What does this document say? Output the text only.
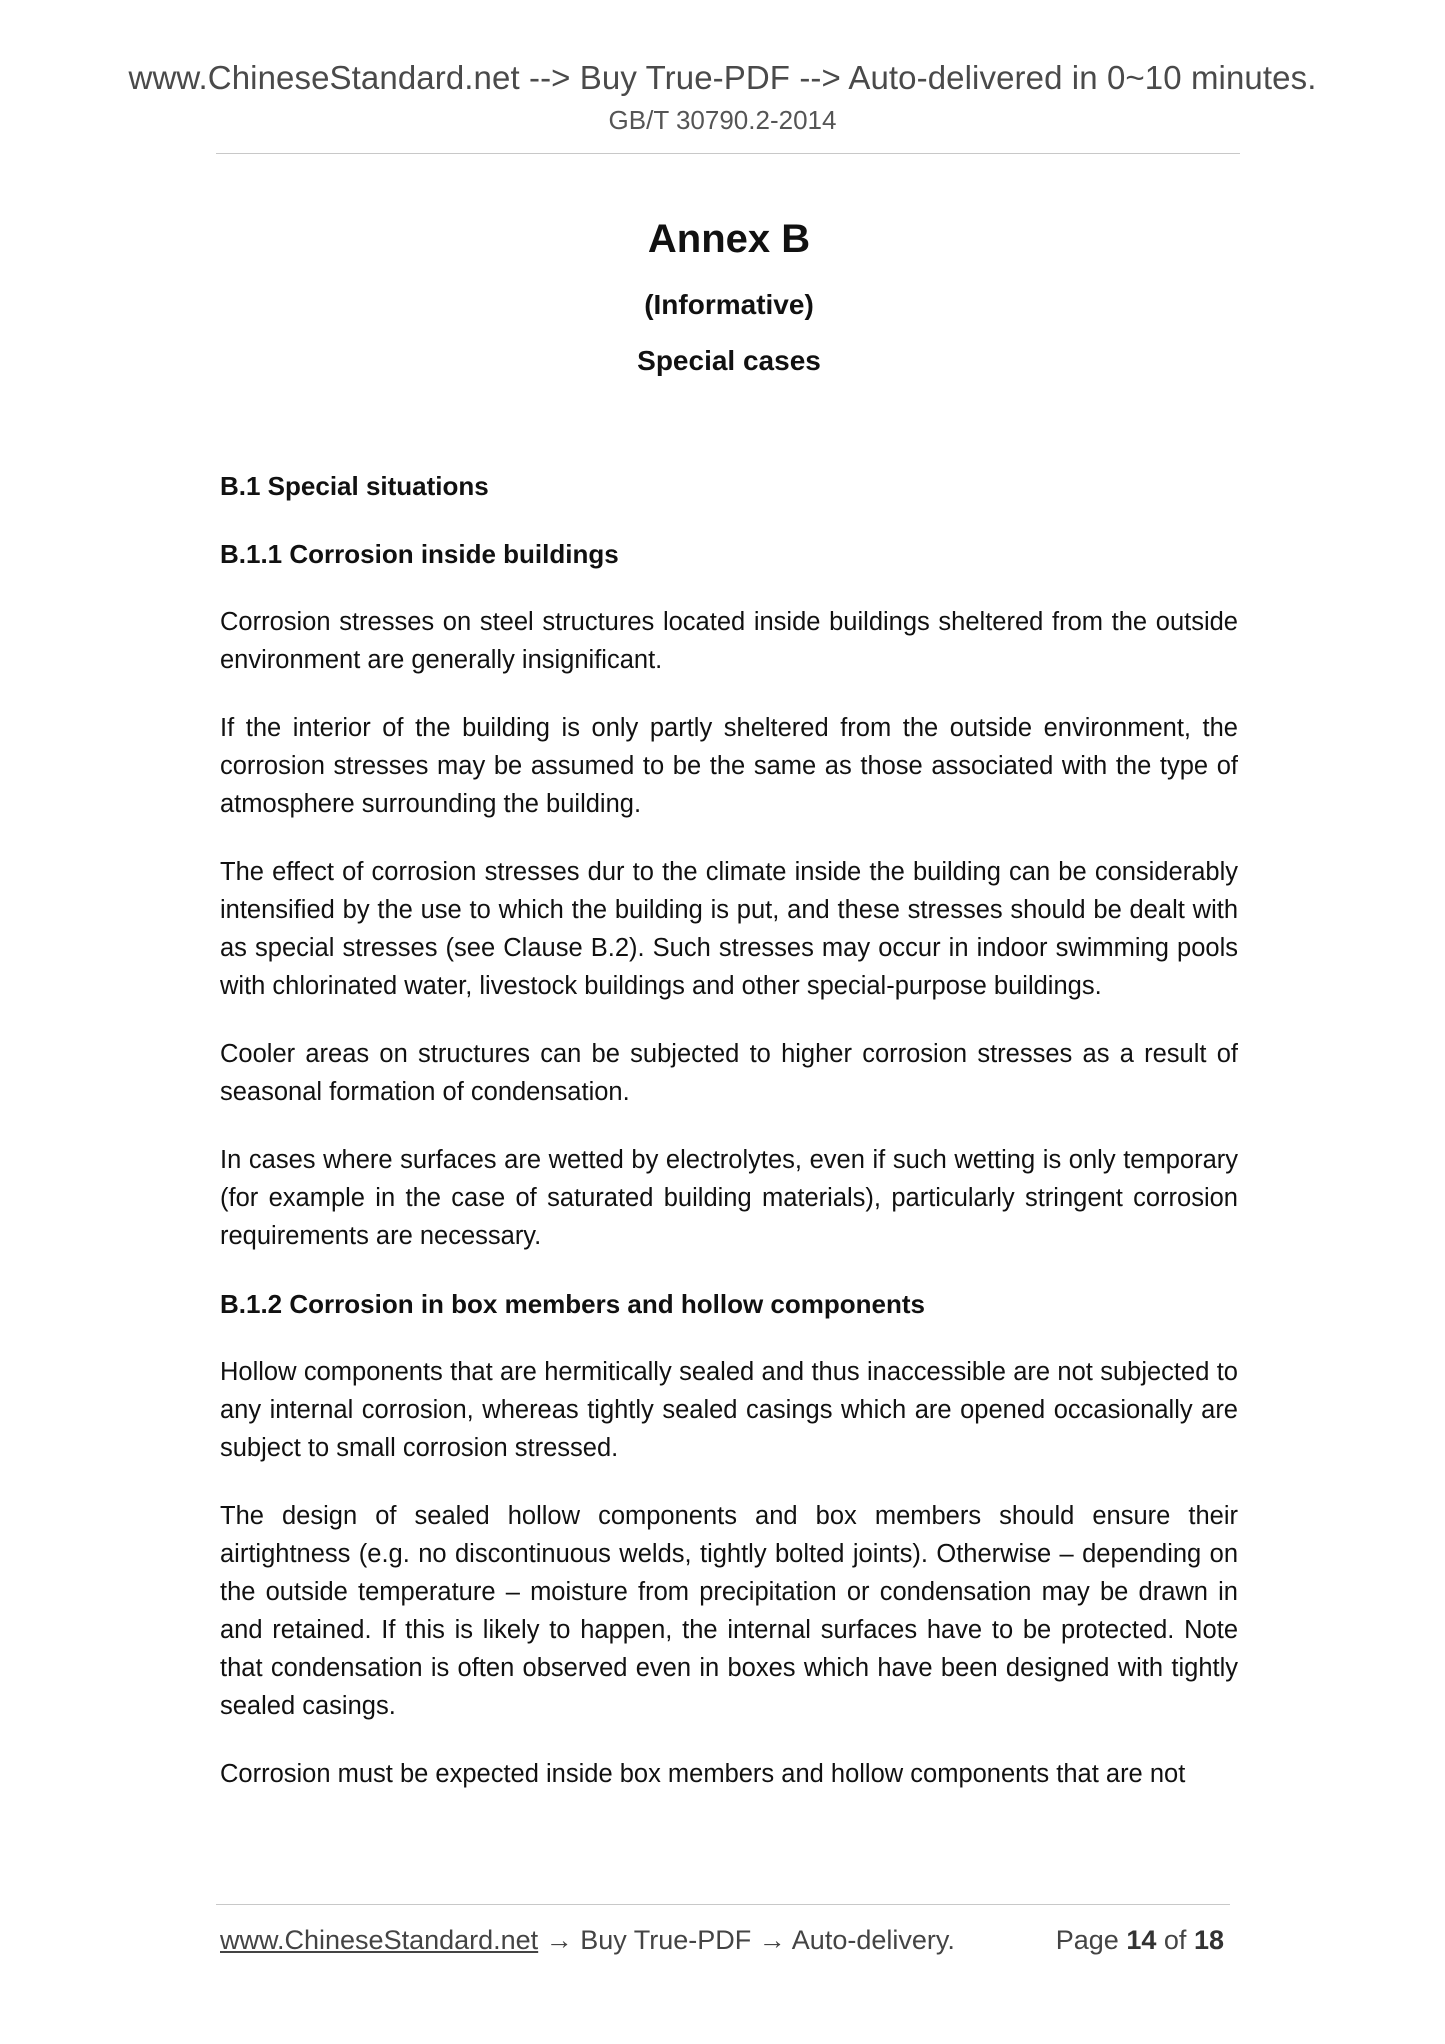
www.ChineseStandard.net --> Buy True-PDF --> Auto-delivered in 0~10 minutes.
GB/T 30790.2-2014
Annex B
(Informative)
Special cases
B.1 Special situations
B.1.1 Corrosion inside buildings

Corrosion stresses on steel structures located inside buildings sheltered from the outside environment are generally insignificant.

If the interior of the building is only partly sheltered from the outside environment, the corrosion stresses may be assumed to be the same as those associated with the type of atmosphere surrounding the building.

The effect of corrosion stresses dur to the climate inside the building can be considerably intensified by the use to which the building is put, and these stresses should be dealt with as special stresses (see Clause B.2). Such stresses may occur in indoor swimming pools with chlorinated water, livestock buildings and other special-purpose buildings.

Cooler areas on structures can be subjected to higher corrosion stresses as a result of seasonal formation of condensation.

In cases where surfaces are wetted by electrolytes, even if such wetting is only temporary (for example in the case of saturated building materials), particularly stringent corrosion requirements are necessary.

B.1.2 Corrosion in box members and hollow components

Hollow components that are hermitically sealed and thus inaccessible are not subjected to any internal corrosion, whereas tightly sealed casings which are opened occasionally are subject to small corrosion stressed.

The design of sealed hollow components and box members should ensure their airtightness (e.g. no discontinuous welds, tightly bolted joints). Otherwise – depending on the outside temperature – moisture from precipitation or condensation may be drawn in and retained. If this is likely to happen, the internal surfaces have to be protected. Note that condensation is often observed even in boxes which have been designed with tightly sealed casings.

Corrosion must be expected inside box members and hollow components that are not

www.ChineseStandard.net → Buy True-PDF → Auto-delivery.	Page 14 of 18
